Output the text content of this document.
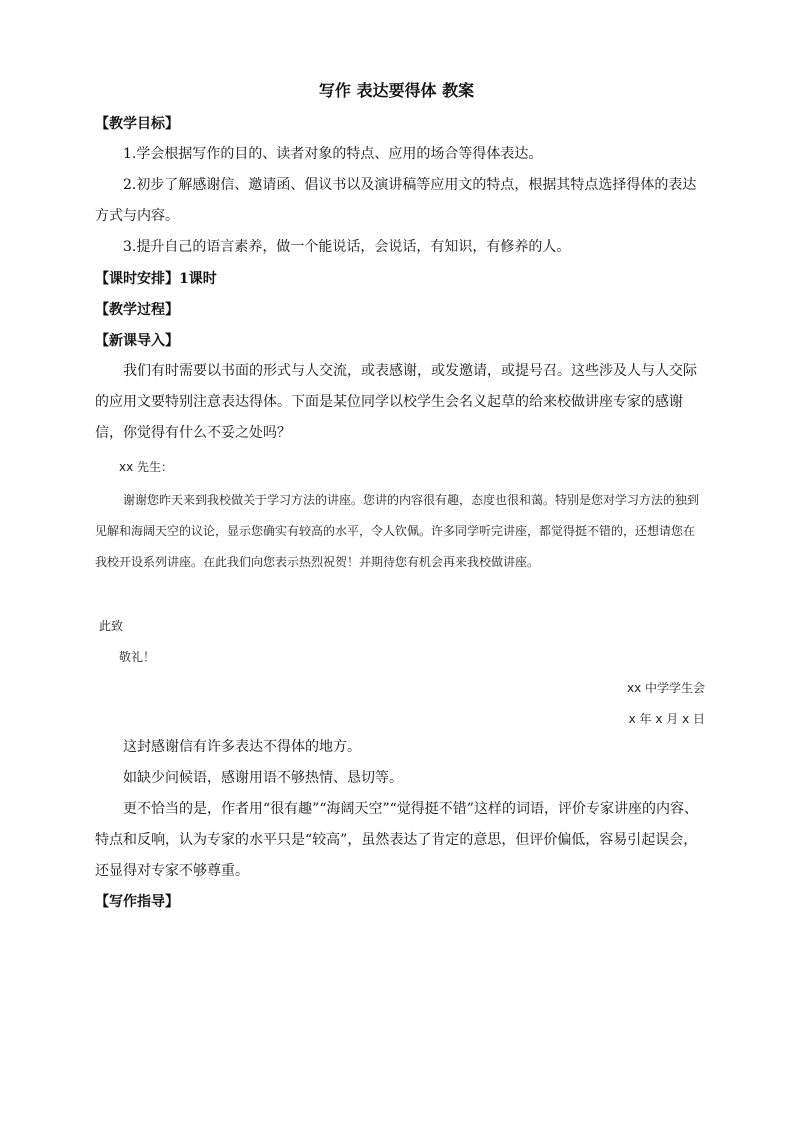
写作 表达要得体 教案
【教学目标】
1.学会根据写作的目的、读者对象的特点、应用的场合等得体表达。
2.初步了解感谢信、邀请函、倡议书以及演讲稿等应用文的特点，根据其特点选择得体的表达方式与内容。
3.提升自己的语言素养，做一个能说话，会说话，有知识，有修养的人。
【课时安排】1课时
【教学过程】
【新课导入】
我们有时需要以书面的形式与人交流，或表感谢，或发邀请，或提号召。这些涉及人与人交际的应用文要特别注意表达得体。下面是某位同学以校学生会名义起草的给来校做讲座专家的感谢信，你觉得有什么不妥之处吗？
xx 先生：
谢谢您昨天来到我校做关于学习方法的讲座。您讲的内容很有趣，态度也很和蔼。特别是您对学习方法的独到见解和海阔天空的议论，显示您确实有较高的水平，令人钦佩。许多同学听完讲座，都觉得挺不错的，还想请您在我校开设系列讲座。在此我们向您表示热烈祝贺！并期待您有机会再来我校做讲座。
此致
敬礼！
xx 中学学生会
x 年 x 月 x 日
这封感谢信有许多表达不得体的地方。
如缺少问候语，感谢用语不够热情、恳切等。
更不恰当的是，作者用“很有趣”“海阔天空”“觉得挺不错”这样的词语，评价专家讲座的内容、特点和反响，认为专家的水平只是“较高”，虽然表达了肯定的意思，但评价偏低，容易引起误会，还显得对专家不够尊重。
【写作指导】
